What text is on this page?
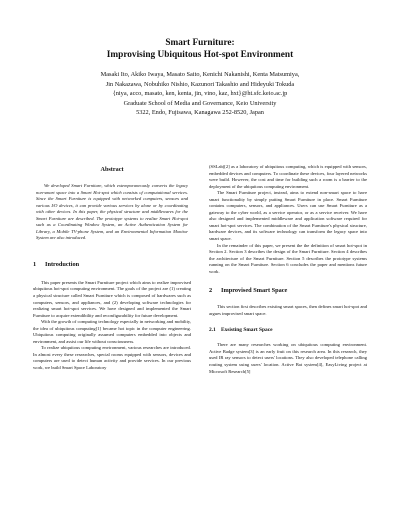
Smart Furniture:
Improvising Ubiquitous Hot-spot Environment
Masaki Ito, Akiko Iwaya, Masato Saito, Kenichi Nakanishi, Kenta Matsumiya,
Jin Nakazawa, Nobuhiko Nishio, Kazunori Takashio and Hideyuki Tokuda
{niya, acco, masato, ken, kenta, jin, vino, kaz, hxt}@ht.sfc.keio.ac.jp
Graduate School of Media and Governance, Keio University
5322, Endo, Fujisawa, Kanagawa 252-8520, Japan
Abstract

We developed Smart Furniture, which extemporaneously converts the legacy non-smart space into a Smart Hot-spot which consists of computational services. Since the Smart Furniture is equipped with networked computers, sensors and various I/O devices, it can provide various services by alone or by coordinating with other devices. In this paper, the physical structure and middlewares for the Smart Furniture are described. The prototype systems to realize Smart Hot-spot such as a Coordinating Window System, an Active Authentication System for Library, a Mobile TV-phone System, and an Environmental Information Monitor System are also introduced.

1 Introduction

This paper presents the Smart Furniture project which aims to realize improvised ubiquitous hot-spot computing environment. The goals of the project are (1) creating a physical structure called Smart Furniture which is composed of hardwares such as computers, sensors, and appliances, and (2) developing software technologies for realizing smart hot-spot services. We have designed and implemented the Smart Furniture to acquire extendibility and reconfigurability for future development.

With the growth of computing technology especially in networking and mobility, the idea of ubiquitous computing[1] became hot topic in the computer engineering. Ubiquitous computing originally assumed computers embedded into objects and environment, and assist our life without consciousness.

To realize ubiquitous computing environment, various researches are introduced. In almost every these researches, special rooms equipped with sensors, devices and computers are used to detect human activity and provide services. In our previous work, we build Smart Space Laboratory

(SSLab)[2] as a laboratory of ubiquitous computing, which is equipped with sensors, embedded devices and computers. To coordinate these devices, four layered networks were build. However, the cost and time for building such a room is a barrier to the deployment of the ubiquitous computing environment.

The Smart Furniture project, instead, aims to extend non-smart space to have smart functionality by simply putting Smart Furniture in place. Smart Furniture contains computers, sensors, and appliances. Users can use Smart Furniture as a gateway to the cyber world, as a service operator, or as a service receiver. We have also designed and implemented middleware and application software required for smart hot-spot services. The combination of the Smart Furniture's physical structure, hardware devices, and its software technology can transform the legacy space into smart space.

In the remainder of this paper, we present the the definition of smart hot-spot in Section 2. Section 3 describes the design of the Smart Furniture. Section 4 describes the architecture of the Smart Furniture. Section 5 describes the prototype systems running on the Smart Furniture. Section 6 concludes the paper and mentions future work.

2 Improvised Smart Space

This section first describes existing smart spaces, then defines smart hot-spot and argues improvised smart space.

2.1 Exsisting Smart Space

There are many researches working on ubiquitous computing environment. Active Badge system[3] is an early fruit on this research area. In this research, they used IR ray sensors to detect users' locations. They also developed telephone calling routing system using users' location. Active Bat system[4], EasyLiving project at Microsoft Research[5]
